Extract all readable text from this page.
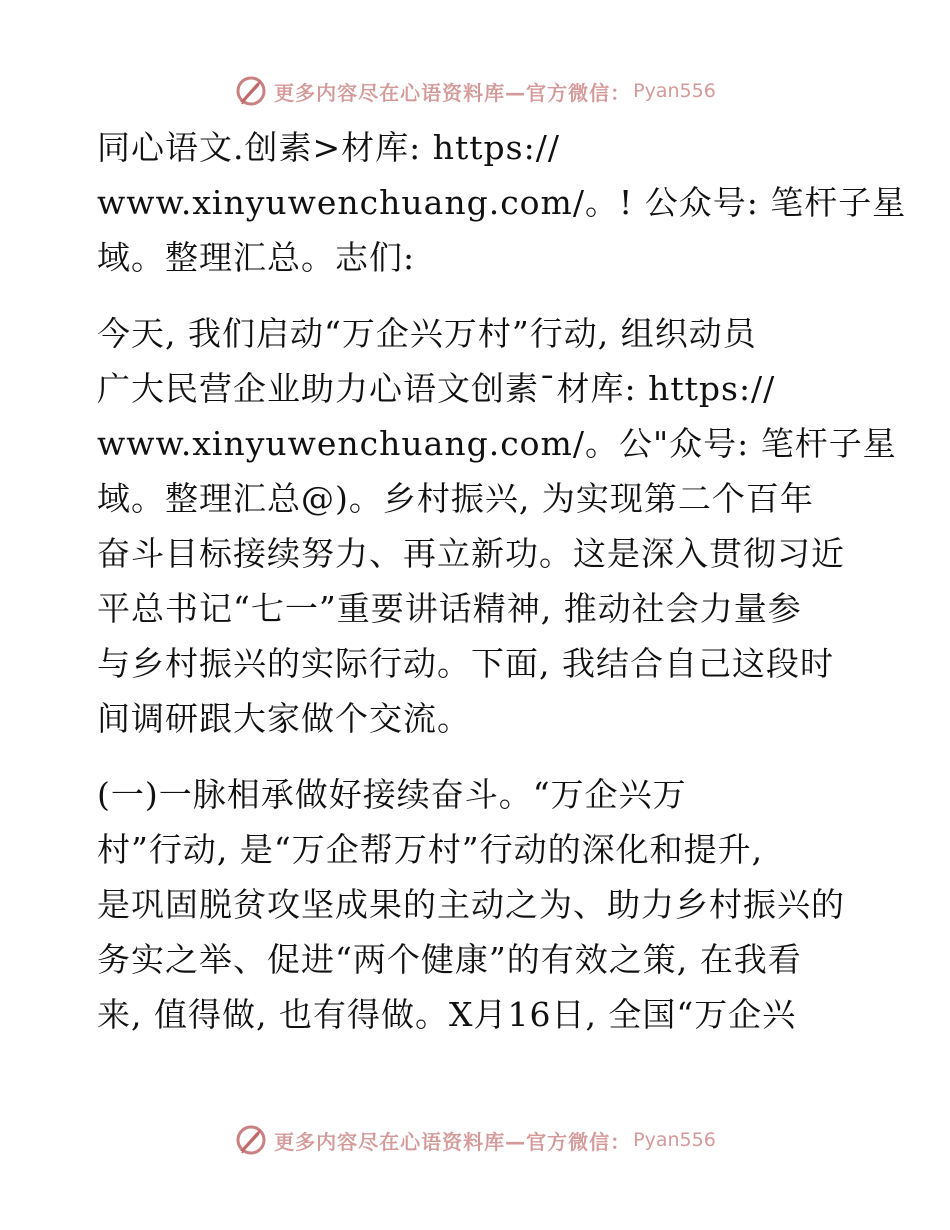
更多内容尽在心语资料库—官方微信： Pyan556

同心语文.创素>材库: https://
www.xinyuwenchuang.com/。! 公众号: 笔杆子星
域。整理汇总。志们:

今天, 我们启动“万企兴万村”行动, 组织动员
广大民营企业助力心语文创素¯材库: https://
www.xinyuwenchuang.com/。公"众号: 笔杆子星
域。整理汇总@)。乡村振兴, 为实现第二个百年
奋斗目标接续努力、再立新功。这是深入贯彻习近
平总书记“七一”重要讲话精神, 推动社会力量参
与乡村振兴的实际行动。下面, 我结合自己这段时
间调研跟大家做个交流。

(一)一脉相承做好接续奋斗。“万企兴万
村”行动, 是“万企帮万村”行动的深化和提升,
是巩固脱贫攻坚成果的主动之为、助力乡村振兴的
务实之举、促进“两个健康”的有效之策, 在我看
来, 值得做, 也有得做。X月16日, 全国“万企兴

更多内容尽在心语资料库—官方微信： Pyan556
